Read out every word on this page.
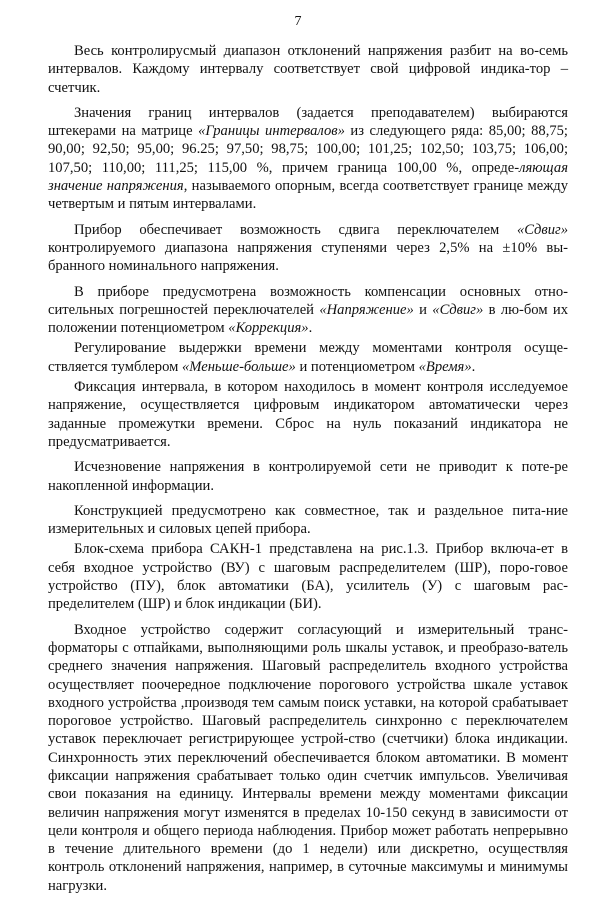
7

Весь контролирусмый диапазон отклонений напряжения разбит на во-семь интервалов. Каждому интервалу соответствует свой цифровой индика-тор – счетчик.

Значения границ интервалов (задается преподавателем) выбираются штекерами на матрице «Границы интервалов» из следующего ряда: 85,00; 88,75; 90,00; 92,50; 95,00; 96.25; 97,50; 98,75; 100,00; 101,25; 102,50; 103,75; 106,00; 107,50; 110,00; 111,25; 115,00 %, причем граница 100,00 %, опреде-ляющая значение напряжения, называемого опорным, всегда соответствует границе между четвертым и пятым интервалами.

Прибор обеспечивает возможность сдвига переключателем «Сдвиг» контролируемого диапазона напряжения ступенями через 2,5% на ±10% вы-бранного номинального напряжения.

В приборе предусмотрена возможность компенсации основных отно-сительных погрешностей переключателей «Напряжение» и «Сдвиг» в лю-бом их положении потенциометром «Коррекция».

Регулирование выдержки времени между моментами контроля осуще-ствляется тумблером «Меньше-больше» и потенциометром «Время».

Фиксация интервала, в котором находилось в момент контроля исследуемое напряжение, осуществляется цифровым индикатором автоматически через заданные промежутки времени. Сброс на нуль показаний индикатора не предусматривается.

Исчезновение напряжения в контролируемой сети не приводит к поте-ре накопленной информации.

Конструкцией предусмотрено как совместное, так и раздельное пита-ние измерительных и силовых цепей прибора.

Блок-схема прибора САКН-1 представлена на рис.1.3. Прибор включа-ет в себя входное устройство (ВУ) с шаговым распределителем (ШР), поро-говое устройство (ПУ), блок автоматики (БА), усилитель (У) с шаговым рас-пределителем (ШР) и блок индикации (БИ).

Входное устройство содержит согласующий и измерительный транс-форматоры с отпайками, выполняющими роль шкалы уставок, и преобразо-ватель среднего значения напряжения. Шаговый распределитель входного устройства осуществляет поочередное подключение порогового устройства шкале уставок входного устройства ,производя тем самым поиск уставки, на которой срабатывает пороговое устройство. Шаговый распределитель синхронно с переключателем уставок переключает регистрирующее устрой-ство (счетчики) блока индикации. Синхронность этих переключений обеспечивается блоком автоматики. В момент фиксации напряжения срабатывает только один счетчик импульсов. Увеличивая свои показания на единицу. Интервалы времени между моментами фиксации величин напряжения могут изменятся в пределах 10-150 секунд в зависимости от цели контроля и общего периода наблюдения. Прибор может работать непрерывно в течение длительного времени (до 1 недели) или дискретно, осуществляя контроль отклонений напряжения, например, в суточные максимумы и минимумы нагрузки.
